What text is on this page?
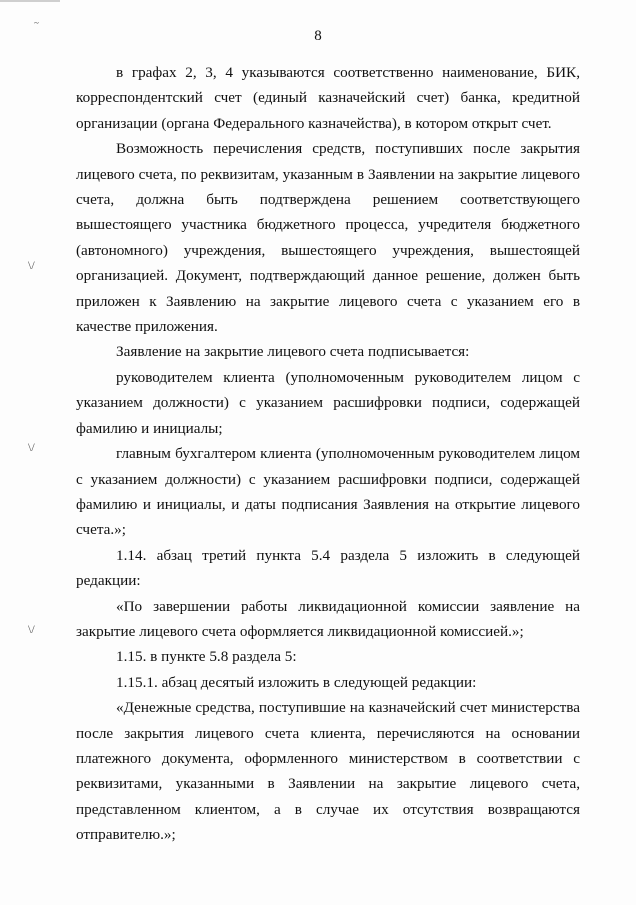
~
\/
\/
\/
8

в графах 2, 3, 4 указываются соответственно наименование, БИК, корреспондентский счет (единый казначейский счет) банка, кредитной организации (органа Федерального казначейства), в котором открыт счет.

Возможность перечисления средств, поступивших после закрытия лицевого счета, по реквизитам, указанным в Заявлении на закрытие лицевого счета, должна быть подтверждена решением соответствующего вышестоящего участника бюджетного процесса, учредителя бюджетного (автономного) учреждения, вышестоящего учреждения, вышестоящей организацией. Документ, подтверждающий данное решение, должен быть приложен к Заявлению на закрытие лицевого счета с указанием его в качестве приложения.

Заявление на закрытие лицевого счета подписывается:

руководителем клиента (уполномоченным руководителем лицом с указанием должности) с указанием расшифровки подписи, содержащей фамилию и инициалы;

главным бухгалтером клиента (уполномоченным руководителем лицом с указанием должности) с указанием расшифровки подписи, содержащей фамилию и инициалы, и даты подписания Заявления на открытие лицевого счета.»;

1.14. абзац третий пункта 5.4 раздела 5 изложить в следующей редакции:

«По завершении работы ликвидационной комиссии заявление на закрытие лицевого счета оформляется ликвидационной комиссией.»;

1.15. в пункте 5.8 раздела 5:

1.15.1. абзац десятый изложить в следующей редакции:

«Денежные средства, поступившие на казначейский счет министерства после закрытия лицевого счета клиента, перечисляются на основании платежного документа, оформленного министерством в соответствии с реквизитами, указанными в Заявлении на закрытие лицевого счета, представленном клиентом, а в случае их отсутствия возвращаются отправителю.»;
